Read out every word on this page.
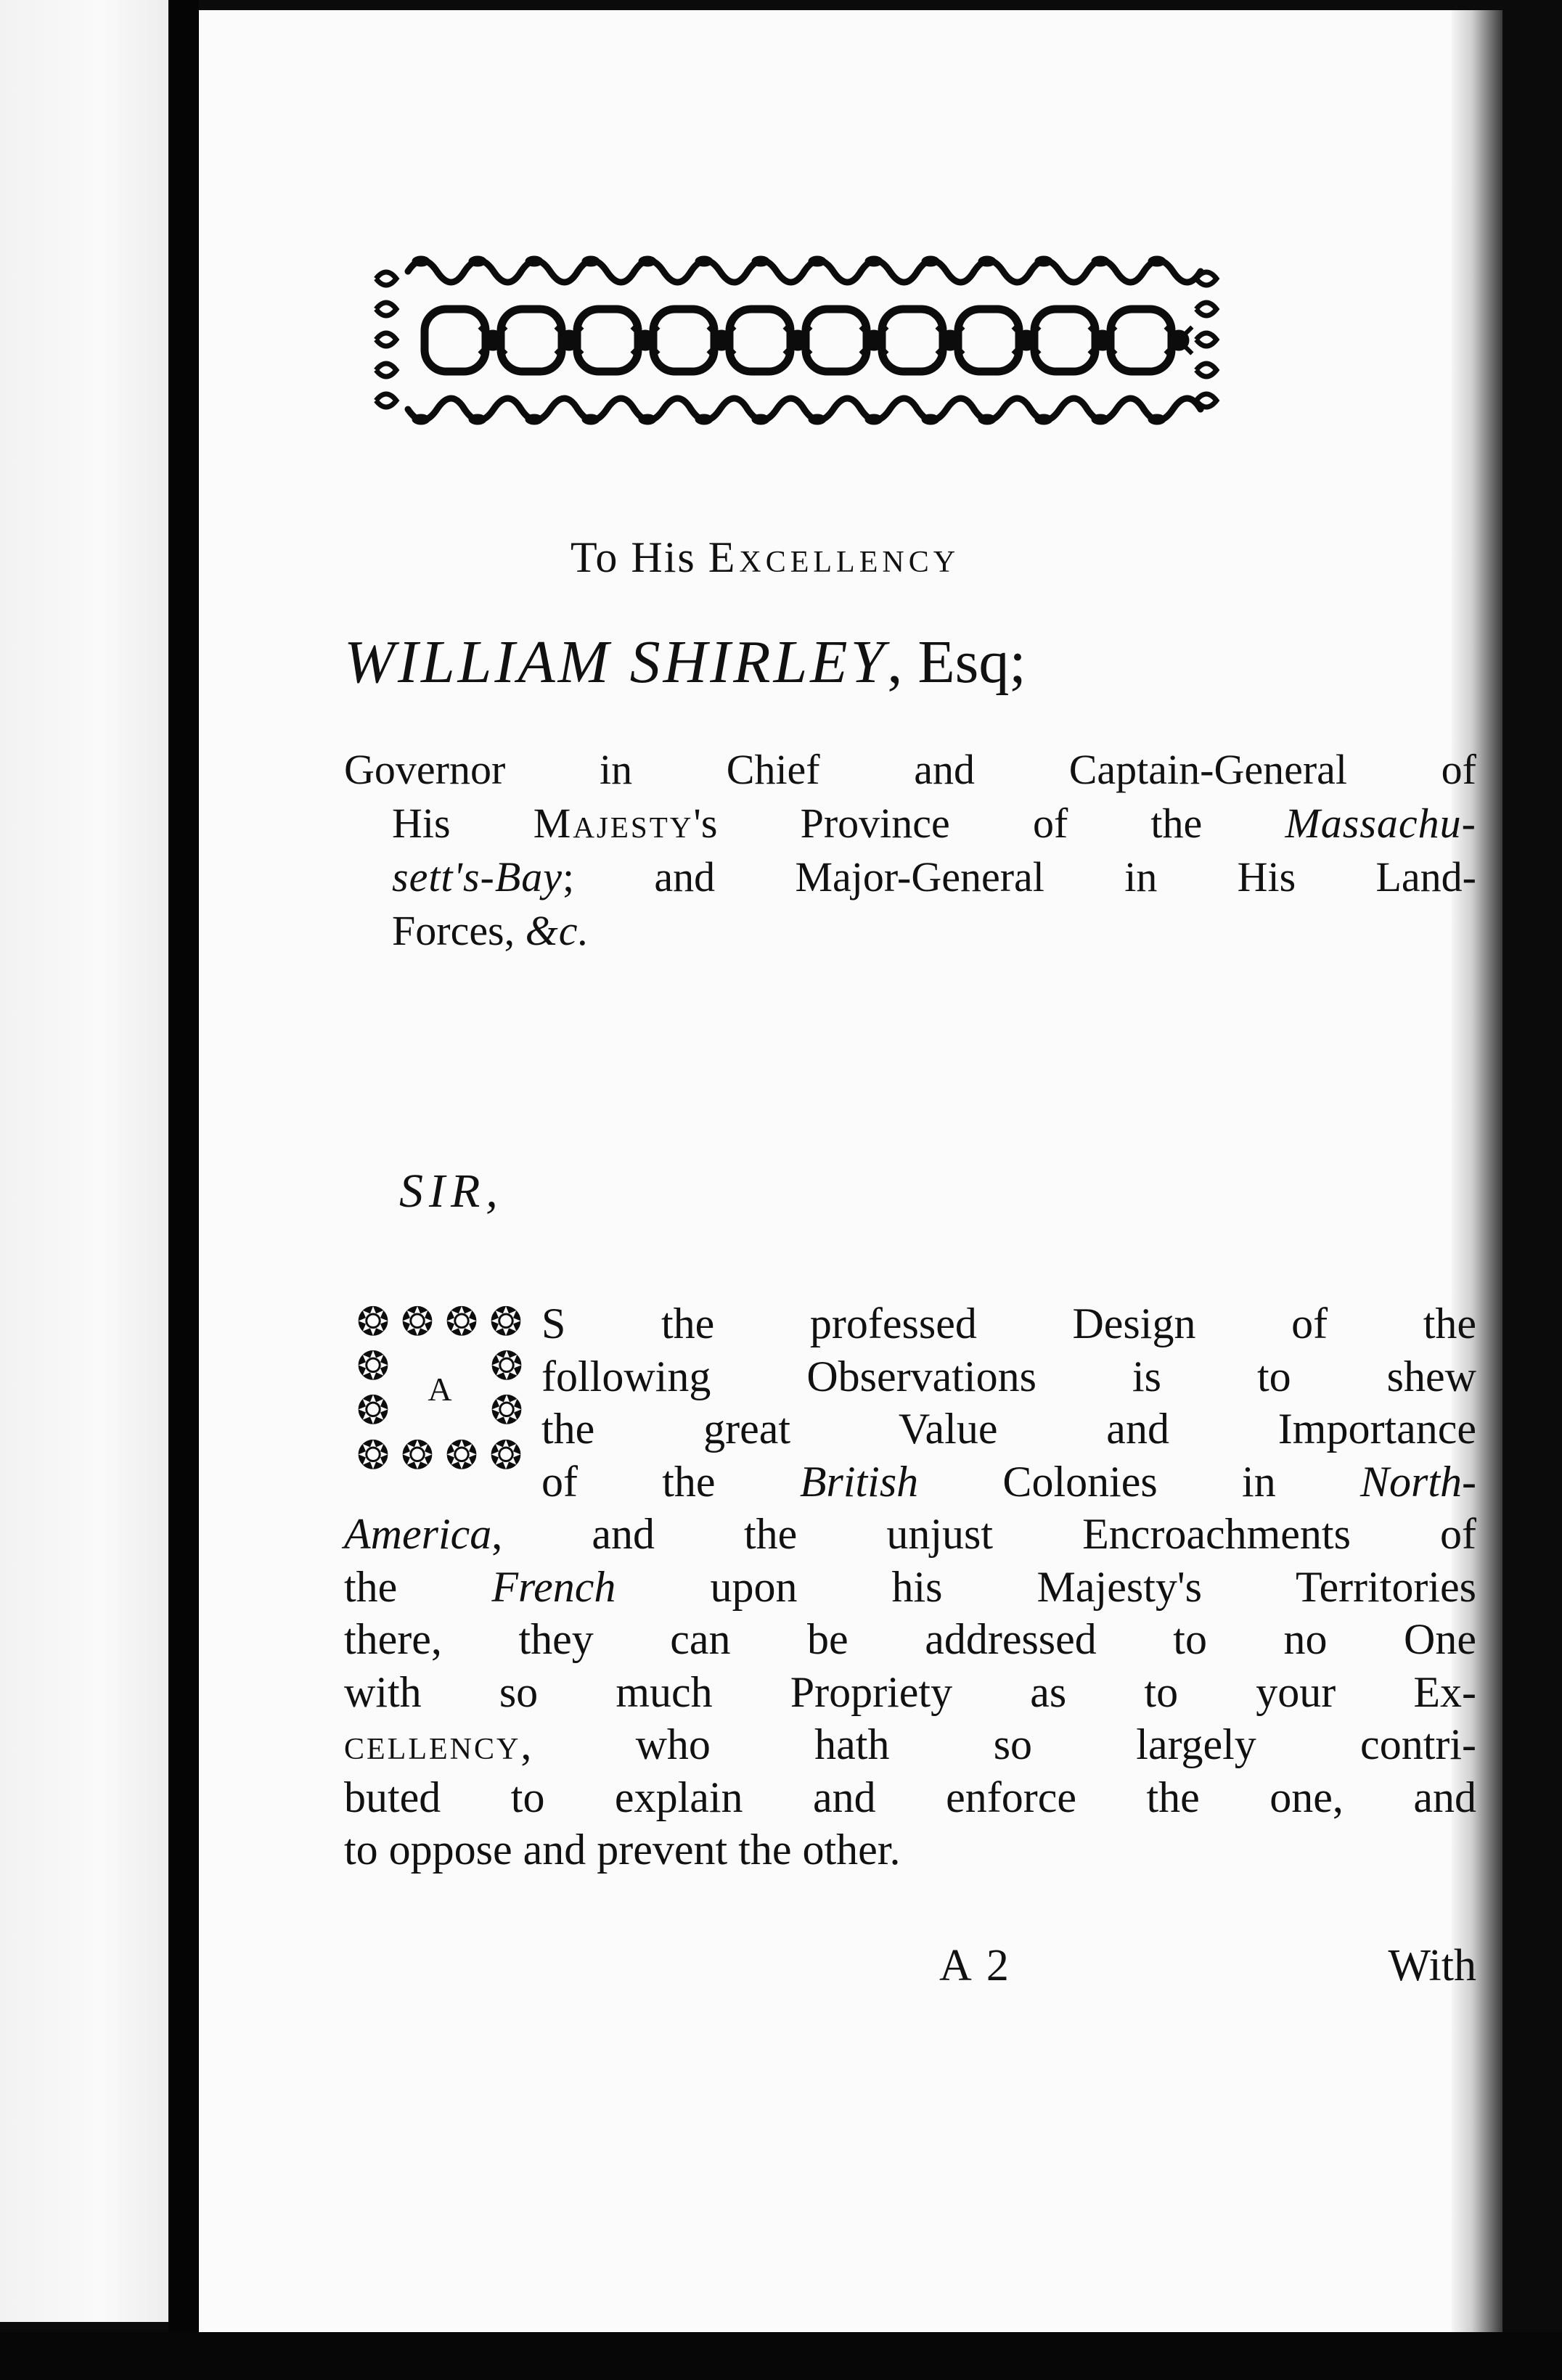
To His Excellency
WILLIAM SHIRLEY, Esq;
Governor in Chief and Captain-General of
His Majesty's Province of the Massachu-
sett's-Bay; and Major-General in His Land-
Forces, &c.
SIR,
A
❂
❂
❂
❂
❂
❂
❂
❂
❂
❂
❂
❂
S the professed Design of the
following Observations is to shew
the great Value and Importance
of the British Colonies in North-
America, and the unjust Encroachments of
the French upon his Majesty's Territories
there, they can be addressed to no One
with so much Propriety as to your Ex-
cellency, who hath so largely contri-
buted to explain and enforce the one, and
to oppose and prevent the other.
A 2	With
